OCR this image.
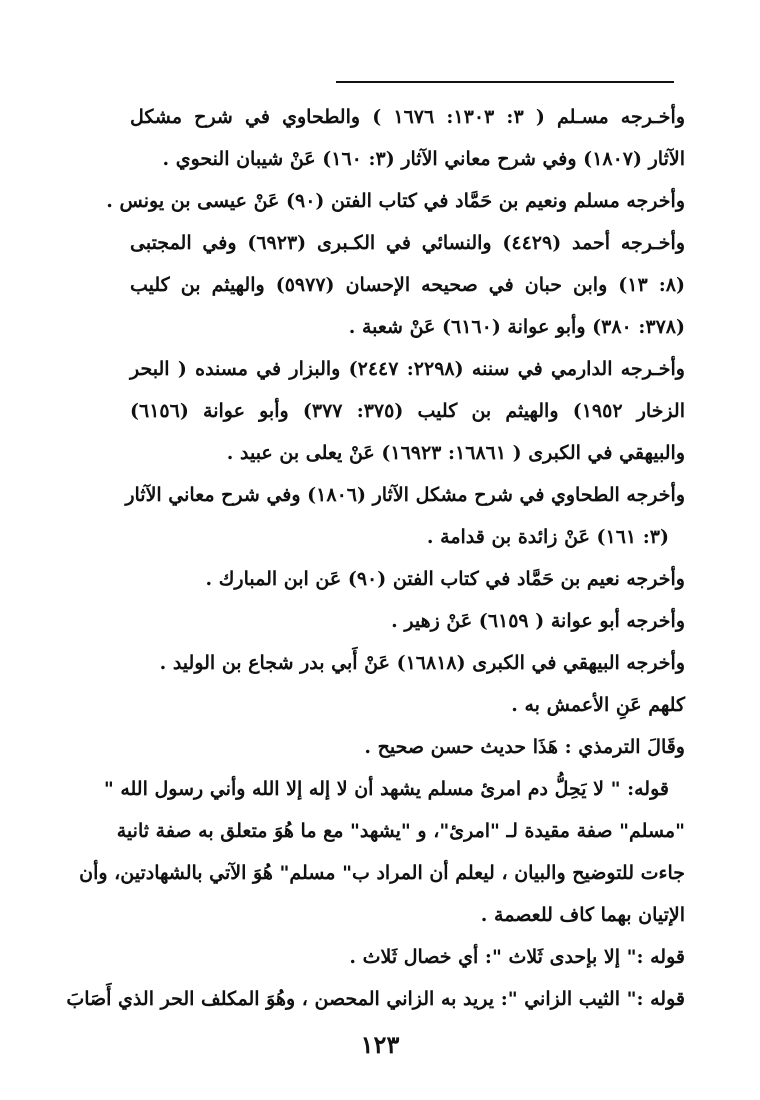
وأخـرجه مسـلم ( ٣: ١٣٠٣: ١٦٧٦ ) والطحاوي في شرح مشكل
الآثار (١٨٠٧) وفي شرح معاني الآثار (٣: ١٦٠) عَنْ شيبان النحوي .
وأخرجه مسلم ونعيم بن حَمَّاد في كتاب الفتن (٩٠) عَنْ عيسى بن يونس .
وأخـرجه أحمد (٤٤٢٩) والنسائي في الكـبرى (٦٩٢٣) وفي المجتبى
(٨: ١٣) وابن حبان في صحيحه الإحسان (٥٩٧٧) والهيثم بن كليب
(٣٧٨: ٣٨٠) وأبو عوانة (٦١٦٠) عَنْ شعبة .
وأخـرجه الدارمي في سننه (٢٢٩٨: ٢٤٤٧) والبزار في مسنده ( البحر
الزخار ١٩٥٢) والهيثم بن كليب (٣٧٥: ٣٧٧) وأبو عوانة (٦١٥٦)
والبيهقي في الكبرى ( ١٦٨٦١: ١٦٩٢٣) عَنْ يعلى بن عبيد .
وأخرجه الطحاوي في شرح مشكل الآثار (١٨٠٦) وفي شرح معاني الآثار
(٣: ١٦١) عَنْ زائدة بن قدامة .
وأخرجه نعيم بن حَمَّاد في كتاب الفتن (٩٠) عَن ابن المبارك .
وأخرجه أبو عوانة ( ٦١٥٩) عَنْ زهير .
وأخرجه البيهقي في الكبرى (١٦٨١٨) عَنْ أَبي بدر شجاع بن الوليد .
كلهم عَنِ الأعمش به .
وقَالَ الترمذي : هَذَا حديث حسن صحيح .
قوله: " لا يَحِلُّ دم امرئ مسلم يشهد أن لا إله إلا الله وأني رسول الله "
"مسلم" صفة مقيدة لـ "امرئ"، و "يشهد" مع ما هُوَ متعلق به صفة ثانية
جاءت للتوضيح والبيان ، ليعلم أن المراد ب" مسلم" هُوَ الآتي بالشهادتين، وأن
الإتيان بهما كاف للعصمة .
قوله :" إلا بإحدى ثَلاث ": أي خصال ثَلاث .
قوله :" الثيب الزاني ": يريد به الزاني المحصن ، وهُوَ المكلف الحر الذي أَصَابَ
١٢٣
